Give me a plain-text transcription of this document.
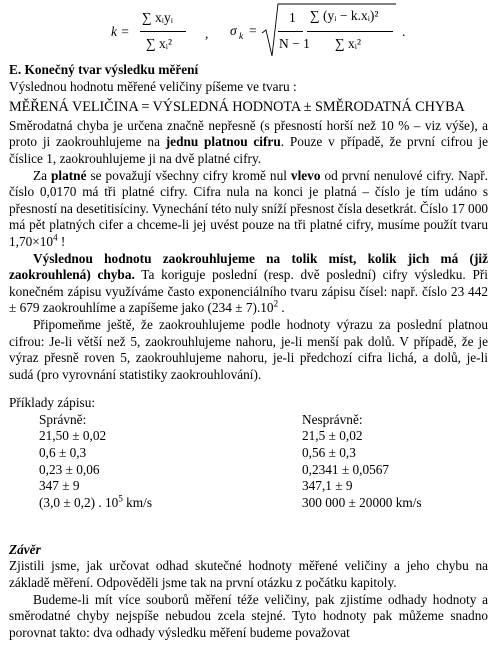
k =
∑ xᵢyᵢ
∑ xᵢ²
, σ k =
1
N − 1
∑ (yᵢ − k.xᵢ)²
∑ xᵢ²
.

E. Konečný tvar výsledku měření

Výslednou hodnotu měřené veličiny píšeme ve tvaru :

MĚŘENÁ VELIČINA = VÝSLEDNÁ HODNOTA ± SMĚRODATNÁ CHYBA

Směrodatná chyba je určena značně nepřesně (s přesností horší než 10 % – viz výše), a proto ji zaokrouhlujeme na jednu platnou cifru. Pouze v případě, že první cifrou je číslice 1, zaokrouhlujeme ji na dvě platné cifry.

Za platné se považují všechny cifry kromě nul vlevo od první nenulové cifry. Např. číslo 0,0170 má tři platné cifry. Cifra nula na konci je platná – číslo je tím udáno s přesností na desetitisíciny. Vynechání této nuly sníží přesnost čísla desetkrát. Číslo 17 000 má pět platných cifer a chceme-li jej uvést pouze na tři platné cifry, musíme použít tvaru $1,70\times 10^4$ !

Výslednou hodnotu zaokrouhlujeme na tolik míst, kolik jich má (již zaokrouhlená) chyba. Ta koriguje poslední (resp. dvě poslední) cifry výsledku. Při konečném zápisu využíváme často exponenciálního tvaru zápisu čísel: např. číslo 23 442 ± 679 zaokrouhlíme a zapíšeme jako $(234 \pm 7).10^2$ .

Připomeňme ještě, že zaokrouhlujeme podle hodnoty výrazu za poslední platnou cifrou: Je-li větší než 5, zaokrouhlujeme nahoru, je-li menší pak dolů. V případě, že je výraz přesně roven 5, zaokrouhlujeme nahoru, je-li předchozí cifra lichá, a dolů, je-li sudá (pro vyrovnání statistiky zaokrouhlování).

Příklady zápisu:

Správně:
21,50 ± 0,02
0,6 ± 0,3
0,23 ± 0,06
347 ± 9
(3,0 ± 0,2) . $10^5$ km/s
Nesprávně:
21,5 ± 0,02
0,56 ± 0,3
0,2341 ± 0,0567
347,1 ± 9
300 000 ± 20000 km/s

Závěr

Zjistili jsme, jak určovat odhad skutečné hodnoty měřené veličiny a jeho chybu na základě měření. Odpověděli jsme tak na první otázku z počátku kapitoly.

Budeme-li mít více souborů měření téže veličiny, pak zjistíme odhady hodnoty a směrodatné chyby nejspíše nebudou zcela stejné. Tyto hodnoty pak můžeme snadno porovnat takto: dva odhady výsledku měření budeme považovat
